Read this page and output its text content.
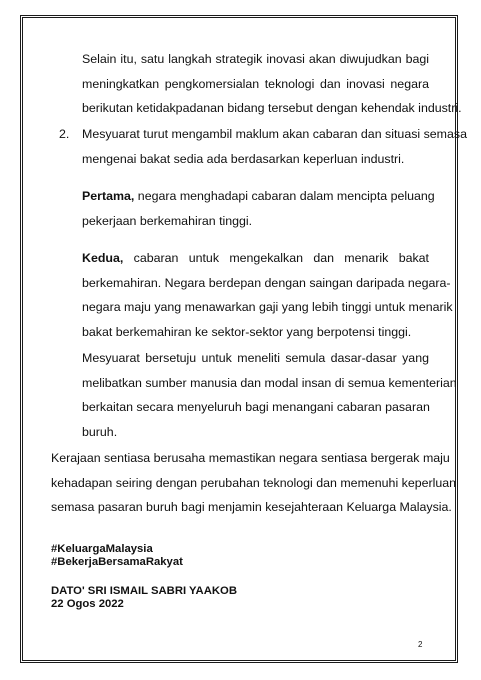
Selain itu, satu langkah strategik inovasi akan diwujudkan bagi
meningkatkan pengkomersialan teknologi dan inovasi negara
berikutan ketidakpadanan bidang tersebut dengan kehendak industri.

2. Mesyuarat turut mengambil maklum akan cabaran dan situasi semasa
mengenai bakat sedia ada berdasarkan keperluan industri.

Pertama, negara menghadapi cabaran dalam mencipta peluang
pekerjaan berkemahiran tinggi.

Kedua, cabaran untuk mengekalkan dan menarik bakat
berkemahiran. Negara berdepan dengan saingan daripada negara-
negara maju yang menawarkan gaji yang lebih tinggi untuk menarik
bakat berkemahiran ke sektor-sektor yang berpotensi tinggi.

Mesyuarat bersetuju untuk meneliti semula dasar-dasar yang
melibatkan sumber manusia dan modal insan di semua kementerian
berkaitan secara menyeluruh bagi menangani cabaran pasaran
buruh.

Kerajaan sentiasa berusaha memastikan negara sentiasa bergerak maju
kehadapan seiring dengan perubahan teknologi dan memenuhi keperluan
semasa pasaran buruh bagi menjamin kesejahteraan Keluarga Malaysia.

#KeluargaMalaysia
#BekerjaBersamaRakyat
DATO' SRI ISMAIL SABRI YAAKOB
22 Ogos 2022
2
